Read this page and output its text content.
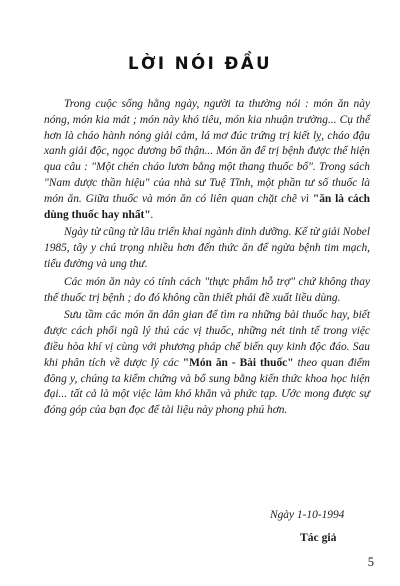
LỜI NÓI ĐẦU

Trong cuộc sống hằng ngày, người ta thường nói : món ăn này nóng, món kia mát ; món này khó tiêu, món kia nhuận trường... Cụ thể hơn là cháo hành nóng giải cảm, lá mơ đúc trứng trị kiết lỵ, cháo đậu xanh giải độc, ngọc dương bổ thận... Món ăn để trị bệnh được thể hiện qua câu : "Một chén cháo lươn bằng một thang thuốc bổ". Trong sách "Nam dược thần hiệu" của nhà sư Tuệ Tĩnh, một phần tư số thuốc là món ăn. Giữa thuốc và món ăn có liên quan chặt chẽ vì "ăn là cách dùng thuốc hay nhất".

Ngày từ cũng từ lâu triển khai ngành dinh dưỡng. Kế từ giải Nobel 1985, tây y chú trọng nhiều hơn đến thức ăn để ngừa bệnh tim mạch, tiểu đường và ung thư.

Các món ăn này có tính cách "thực phẩm hỗ trợ" chứ không thay thế thuốc trị bệnh ; do đó không cần thiết phải đề xuất liều dùng.

Sưu tầm các món ăn dân gian để tìm ra những bài thuốc hay, biết được cách phối ngũ lý thú các vị thuốc, những nét tinh tế trong việc điều hòa khí vị cùng với phương pháp chế biến quy kinh độc đáo. Sau khi phân tích về dược lý các "Món ăn - Bài thuốc" theo quan điểm đông y, chúng ta kiểm chứng và bổ sung bằng kiến thức khoa học hiện đại... tất cả là một việc làm khó khăn và phức tạp. Ước mong được sự đóng góp của bạn đọc để tài liệu này phong phú hơn.

Ngày 1-10-1994
Tác giả
5
